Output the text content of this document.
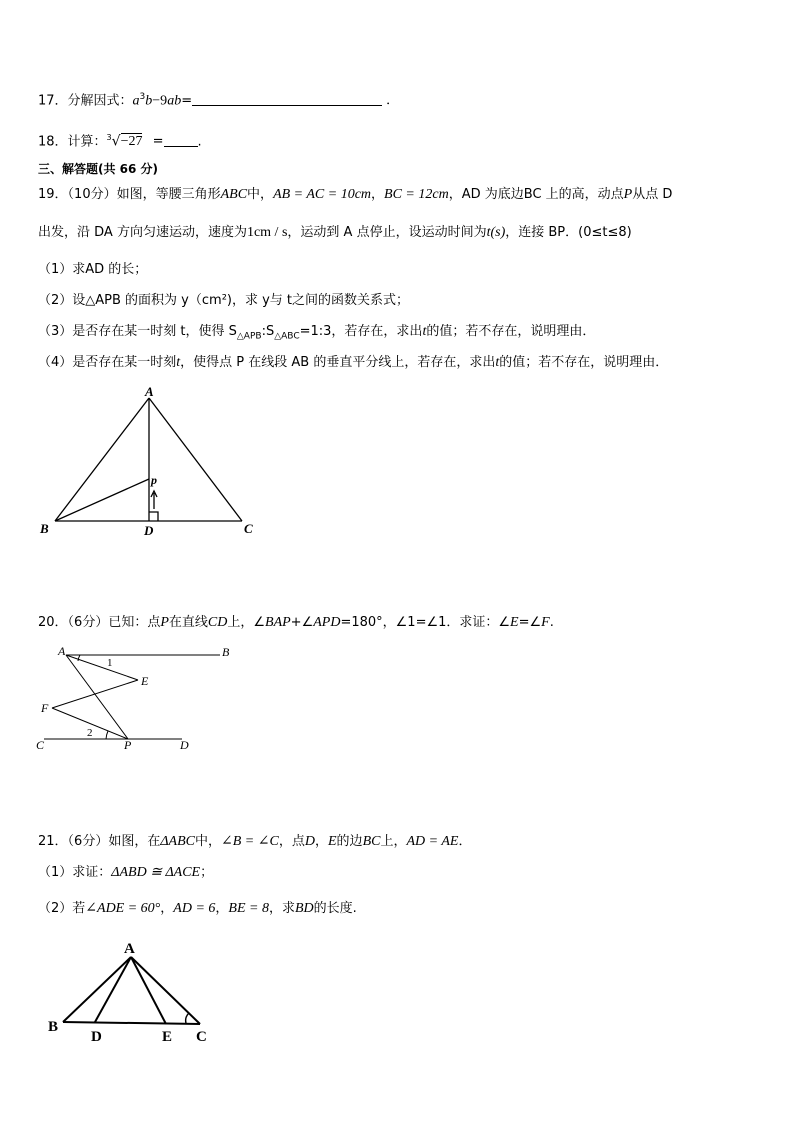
17．分解因式：$a^3b-9ab=$	．
18．计算：$^3$√−27 =	.
三、解答题(共 66 分)
19．（10分）如图，等腰三角形ABC中，AB = AC = 10cm，BC = 12cm，AD 为底边BC 上的高，动点P从点 D
出发，沿 DA 方向匀速运动，速度为1cm / s，运动到 A 点停止，设运动时间为t(s)，连接 BP．(0≤t≤8)
（1）求AD 的长；
（2）设△APB 的面积为 y（cm²)，求 y与 t之间的函数关系式；
（3）是否存在某一时刻 t，使得 $S_{\triangle APB}:S_{\triangle ABC}=1:3$，若存在，求出t的值；若不存在，说明理由．
（4）是否存在某一时刻t，使得点 P 在线段 AB 的垂直平分线上，若存在，求出t的值；若不存在，说明理由．
A
B	C
D
p
20．（6分）已知：点P在直线CD上，∠BAP+∠APD=180°，∠1=∠1．求证：∠E=∠F.
A	B
E
F
C	P	D
1
2
21．（6分）如图，在ΔABC中，∠B = ∠C，点D，E的边BC上，AD = AE．
（1）求证：ΔABD ≅ ΔACE；
（2）若∠ADE = 60°，AD = 6，BE = 8，求BD的长度.
A
B
D	E C
